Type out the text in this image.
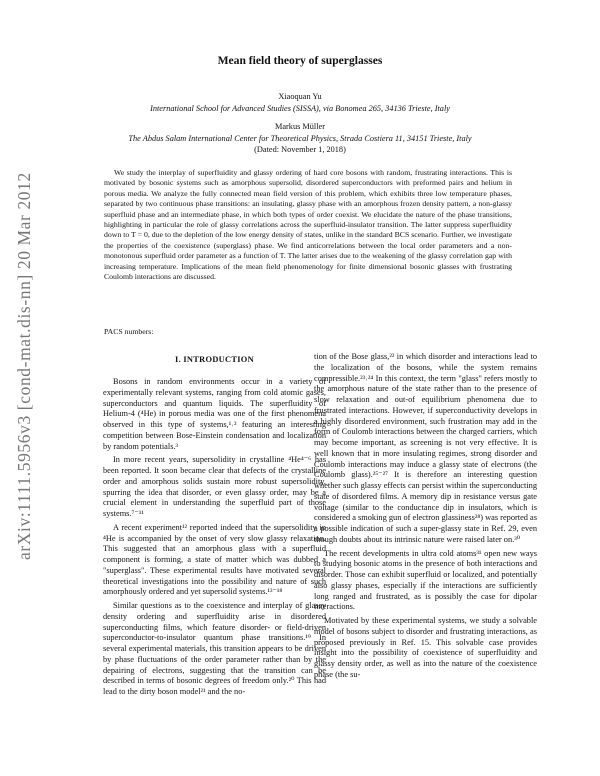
arXiv:1111.5956v3 [cond-mat.dis-nn] 20 Mar 2012
Mean field theory of superglasses
Xiaoquan Yu
International School for Advanced Studies (SISSA), via Bonomea 265, 34136 Trieste, Italy
Markus Müller
The Abdus Salam International Center for Theoretical Physics, Strada Costiera 11, 34151 Trieste, Italy
(Dated: November 1, 2018)
We study the interplay of superfluidity and glassy ordering of hard core bosons with random, frustrating interactions. This is motivated by bosonic systems such as amorphous supersolid, disordered superconductors with preformed pairs and helium in porous media. We analyze the fully connected mean field version of this problem, which exhibits three low temperature phases, separated by two continuous phase transitions: an insulating, glassy phase with an amorphous frozen density pattern, a non-glassy superfluid phase and an intermediate phase, in which both types of order coexist. We elucidate the nature of the phase transitions, highlighting in particular the role of glassy correlations across the superfluid-insulator transition. The latter suppress superfluidity down to T = 0, due to the depletion of the low energy density of states, unlike in the standard BCS scenario. Further, we investigate the properties of the coexistence (superglass) phase. We find anticorrelations between the local order parameters and a non-monotonous superfluid order parameter as a function of T. The latter arises due to the weakening of the glassy correlation gap with increasing temperature. Implications of the mean field phenomenology for finite dimensional bosonic glasses with frustrating Coulomb interactions are discussed.
PACS numbers:
I. INTRODUCTION

Bosons in random environments occur in a variety of experimentally relevant systems, ranging from cold atomic gases, superconductors and quantum liquids. The superfluidity of Helium-4 (⁴He) in porous media was one of the first phenomena observed in this type of systems,¹˒² featuring an interesting competition between Bose-Einstein condensation and localization by random potentials.³

In more recent years, supersolidity in crystalline ⁴He⁴⁻⁶ has been reported. It soon became clear that defects of the crystalline order and amorphous solids sustain more robust supersolidity, spurring the idea that disorder, or even glassy order, may be a crucial element in understanding the superfluid part of those systems.⁷⁻¹¹

A recent experiment¹² reported indeed that the supersolidity in ⁴He is accompanied by the onset of very slow glassy relaxation. This suggested that an amorphous glass with a superfluid component is forming, a state of matter which was dubbed a "superglass". These experimental results have motivated several theoretical investigations into the possibility and nature of such amorphously ordered and yet supersolid systems.¹³⁻¹⁸

Similar questions as to the coexistence and interplay of glassy density ordering and superfluidity arise in disordered superconducting films, which feature disorder- or field-driven superconductor-to-insulator quantum phase transitions.¹⁹ In several experimental materials, this transition appears to be driven by phase fluctuations of the order parameter rather than by the depairing of electrons, suggesting that the transition can be described in terms of bosonic degrees of freedom only.²⁰ This had lead to the dirty boson model²¹ and the no-

tion of the Bose glass,²² in which disorder and interactions lead to the localization of the bosons, while the system remains compressible.²³˒²⁴ In this context, the term "glass" refers mostly to the amorphous nature of the state rather than to the presence of slow relaxation and out-of equilibrium phenomena due to frustrated interactions. However, if superconductivity develops in a highly disordered environment, such frustration may add in the form of Coulomb interactions between the charged carriers, which may become important, as screening is not very effective. It is well known that in more insulating regimes, strong disorder and Coulomb interactions may induce a glassy state of electrons (the Coulomb glass).²⁵⁻²⁷ It is therefore an interesting question whether such glassy effects can persist within the superconducting state of disordered films. A memory dip in resistance versus gate voltage (similar to the conductance dip in insulators, which is considered a smoking gun of electron glassiness²⁸) was reported as a possible indication of such a super-glassy state in Ref. 29, even though doubts about its intrinsic nature were raised later on.³⁰

The recent developments in ultra cold atoms³¹ open new ways to studying bosonic atoms in the presence of both interactions and disorder. Those can exhibit superfluid or localized, and potentially also glassy phases, especially if the interactions are sufficiently long ranged and frustrated, as is possibly the case for dipolar interactions.

Motivated by these experimental systems, we study a solvable model of bosons subject to disorder and frustrating interactions, as proposed previously in Ref. 15. This solvable case provides insight into the possibility of coexistence of superfluidity and glassy density order, as well as into the nature of the coexistence phase (the su-
